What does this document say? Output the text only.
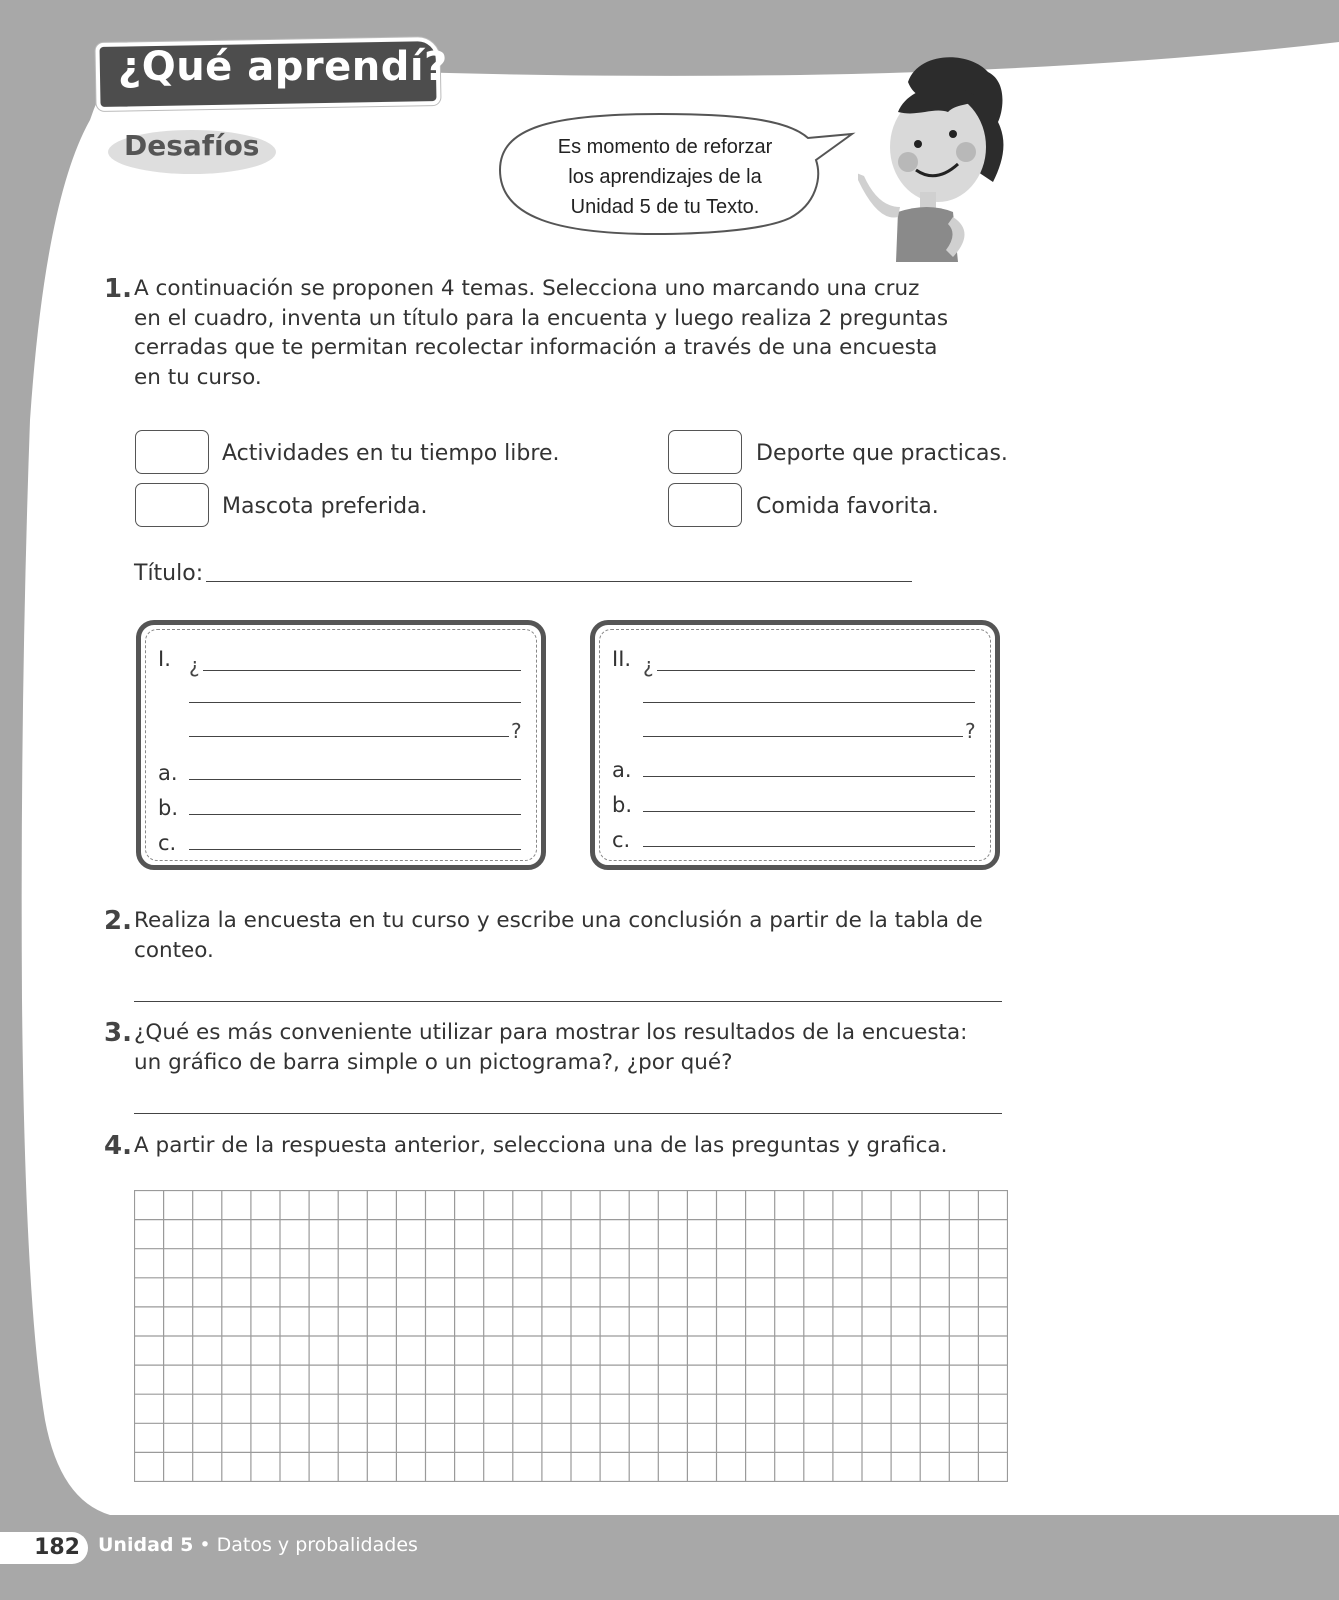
¿Qué aprendí?
Desafíos	Es momento de reforzar
los aprendizajes de la
Unidad 5 de tu Texto.
1. A continuación se proponen 4 temas. Selecciona uno marcando una cruz
en el cuadro, inventa un título para la encuenta y luego realiza 2 preguntas
cerradas que te permitan recolectar información a través de una encuesta
en tu curso.
Actividades en tu tiempo libre.	Deporte que practicas.
Mascota preferida.	Comida favorita.
Título:
I. ¿
?
a.
b.
c.
II. ¿
?
a.
b.
c.
2. Realiza la encuesta en tu curso y escribe una conclusión a partir de la tabla de
conteo.
3. ¿Qué es más conveniente utilizar para mostrar los resultados de la encuesta:
un gráfico de barra simple o un pictograma?, ¿por qué?
4. A partir de la respuesta anterior, selecciona una de las preguntas y grafica.
182 Unidad 5 • Datos y probalidades
